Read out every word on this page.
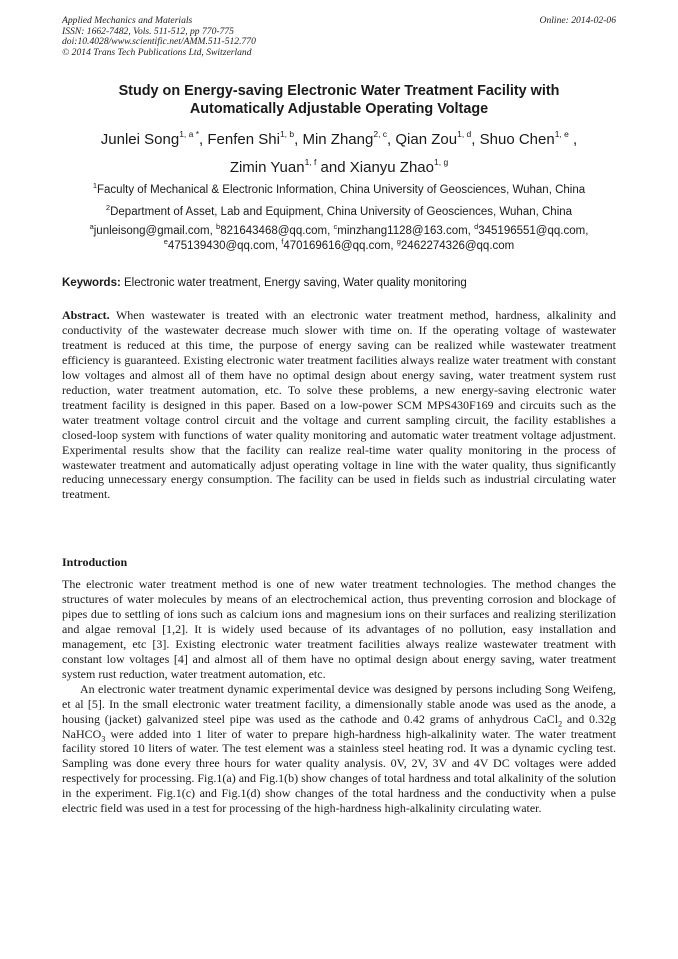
Applied Mechanics and Materials
ISSN: 1662-7482, Vols. 511-512, pp 770-775
doi:10.4028/www.scientific.net/AMM.511-512.770
© 2014 Trans Tech Publications Ltd, Switzerland
Online: 2014-02-06
Study on Energy-saving Electronic Water Treatment Facility with
Automatically Adjustable Operating Voltage
Junlei Song$^{1, a *}$, Fenfen Shi$^{1, b}$, Min Zhang$^{2, c}$, Qian Zou$^{1, d}$, Shuo Chen$^{1, e}$ ,
Zimin Yuan$^{1, f}$ and Xianyu Zhao$^{1, g}$
$^1$Faculty of Mechanical & Electronic Information, China University of Geosciences, Wuhan, China
$^2$Department of Asset, Lab and Equipment, China University of Geosciences, Wuhan, China
$^a$junleisong@gmail.com, $^b$821643468@qq.com, $^c$minzhang1128@163.com, $^d$345196551@qq.com,
$^e$475139430@qq.com, $^f$470169616@qq.com, $^g$2462274326@qq.com
Keywords: Electronic water treatment, Energy saving, Water quality monitoring
Abstract. When wastewater is treated with an electronic water treatment method, hardness, alkalinity and conductivity of the wastewater decrease much slower with time on. If the operating voltage of wastewater treatment is reduced at this time, the purpose of energy saving can be realized while wastewater treatment efficiency is guaranteed. Existing electronic water treatment facilities always realize water treatment with constant low voltages and almost all of them have no optimal design about energy saving, water treatment system rust reduction, water treatment automation, etc. To solve these problems, a new energy-saving electronic water treatment facility is designed in this paper. Based on a low-power SCM MPS430F169 and circuits such as the water treatment voltage control circuit and the voltage and current sampling circuit, the facility establishes a closed-loop system with functions of water quality monitoring and automatic water treatment voltage adjustment. Experimental results show that the facility can realize real-time water quality monitoring in the process of wastewater treatment and automatically adjust operating voltage in line with the water quality, thus significantly reducing unnecessary energy consumption. The facility can be used in fields such as industrial circulating water treatment.
Introduction

The electronic water treatment method is one of new water treatment technologies. The method changes the structures of water molecules by means of an electrochemical action, thus preventing corrosion and blockage of pipes due to settling of ions such as calcium ions and magnesium ions on their surfaces and realizing sterilization and algae removal [1,2]. It is widely used because of its advantages of no pollution, easy installation and management, etc [3]. Existing electronic water treatment facilities always realize wastewater treatment with constant low voltages [4] and almost all of them have no optimal design about energy saving, water treatment system rust reduction, water treatment automation, etc.

An electronic water treatment dynamic experimental device was designed by persons including Song Weifeng, et al [5]. In the small electronic water treatment facility, a dimensionally stable anode was used as the anode, a housing (jacket) galvanized steel pipe was used as the cathode and 0.42 grams of anhydrous CaCl$_2$ and 0.32g NaHCO$_3$ were added into 1 liter of water to prepare high-hardness high-alkalinity water. The water treatment facility stored 10 liters of water. The test element was a stainless steel heating rod. It was a dynamic cycling test. Sampling was done every three hours for water quality analysis. 0V, 2V, 3V and 4V DC voltages were added respectively for processing. Fig.1(a) and Fig.1(b) show changes of total hardness and total alkalinity of the solution in the experiment. Fig.1(c) and Fig.1(d) show changes of the total hardness and the conductivity when a pulse electric field was used in a test for processing of the high-hardness high-alkalinity circulating water.
